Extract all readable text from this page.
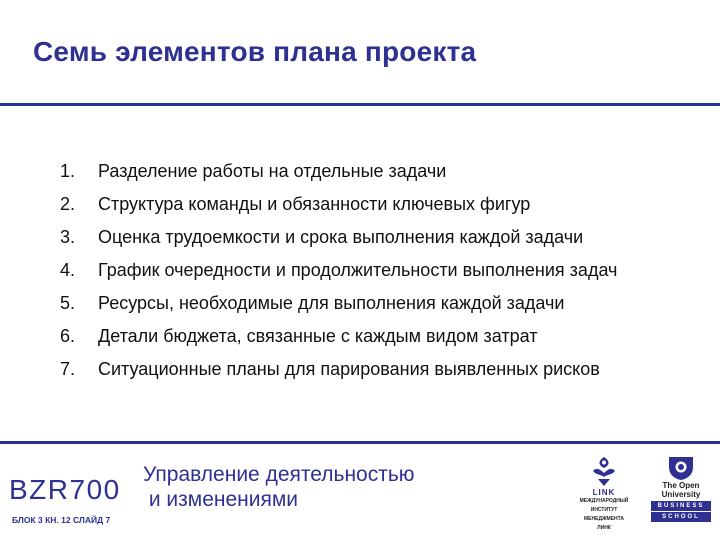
Семь элементов плана проекта
1.	Разделение работы на отдельные задачи
2.	Структура команды и обязанности ключевых фигур
3.	Оценка трудоемкости и срока выполнения каждой задачи
4.	График очередности и продолжительности выполнения задач
5.	Ресурсы, необходимые для выполнения каждой задачи
6.	Детали бюджета, связанные с каждым видом затрат
7.	Ситуационные планы для парирования выявленных рисков
BZR700
БЛОК 3 КН. 12 СЛАЙД 7
Управление деятельностью
и изменениями	LINK
МЕЖДУНАРОДНЫЙ
ИНСТИТУТ
МЕНЕДЖМЕНТА
ЛИНК
The Open
University
BUSINESS
SCHOOL
